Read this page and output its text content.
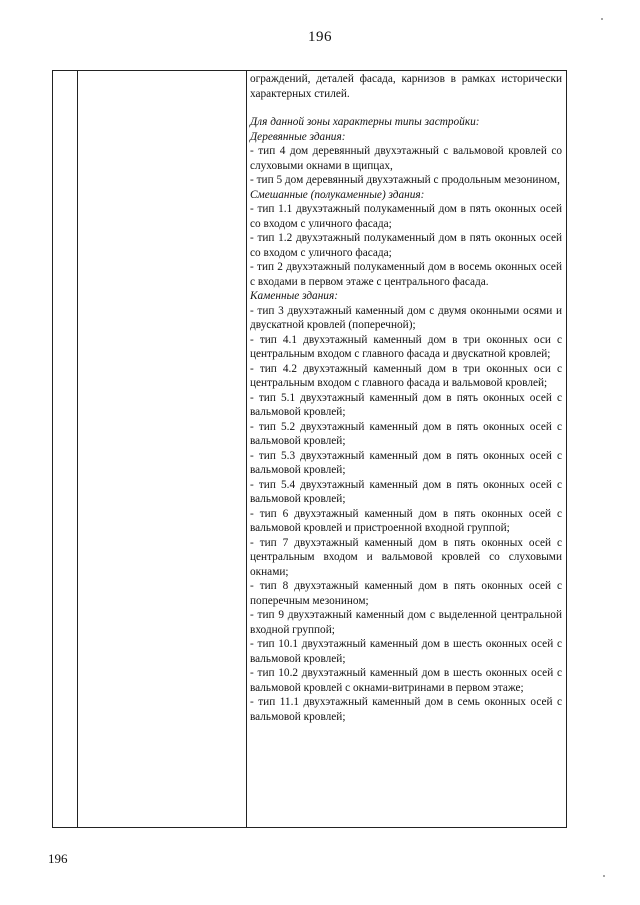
196

ограждений, деталей фасада, карнизов в рамках исторически характерных стилей.

Для данной зоны характерны типы застройки:

Деревянные здания:

- тип 4 дом деревянный двухэтажный с вальмовой кровлей со слуховыми окнами в щипцах,

- тип 5 дом деревянный двухэтажный с продольным мезонином,

Смешанные (полукаменные) здания:

- тип 1.1 двухэтажный полукаменный дом в пять оконных осей со входом с уличного фасада;

- тип 1.2 двухэтажный полукаменный дом в пять оконных осей со входом с уличного фасада;

- тип 2 двухэтажный полукаменный дом в восемь оконных осей с входами в первом этаже с центрального фасада.

Каменные здания:

- тип 3 двухэтажный каменный дом с двумя оконными осями и двускатной кровлей (поперечной);

- тип 4.1 двухэтажный каменный дом в три оконных оси с центральным входом с главного фасада и двускатной кровлей;

- тип 4.2 двухэтажный каменный дом в три оконных оси с центральным входом с главного фасада и вальмовой кровлей;

- тип 5.1 двухэтажный каменный дом в пять оконных осей с вальмовой кровлей;

- тип 5.2 двухэтажный каменный дом в пять оконных осей с вальмовой кровлей;

- тип 5.3 двухэтажный каменный дом в пять оконных осей с вальмовой кровлей;

- тип 5.4 двухэтажный каменный дом в пять оконных осей с вальмовой кровлей;

- тип 6 двухэтажный каменный дом в пять оконных осей с вальмовой кровлей и пристроенной входной группой;

- тип 7 двухэтажный каменный дом в пять оконных осей с центральным входом и вальмовой кровлей со слуховыми окнами;

- тип 8 двухэтажный каменный дом в пять оконных осей с поперечным мезонином;

- тип 9 двухэтажный каменный дом с выделенной центральной входной группой;

- тип 10.1 двухэтажный каменный дом в шесть оконных осей с вальмовой кровлей;

- тип 10.2 двухэтажный каменный дом в шесть оконных осей с вальмовой кровлей с окнами-витринами в первом этаже;

- тип 11.1 двухэтажный каменный дом в семь оконных осей с вальмовой кровлей;

196
